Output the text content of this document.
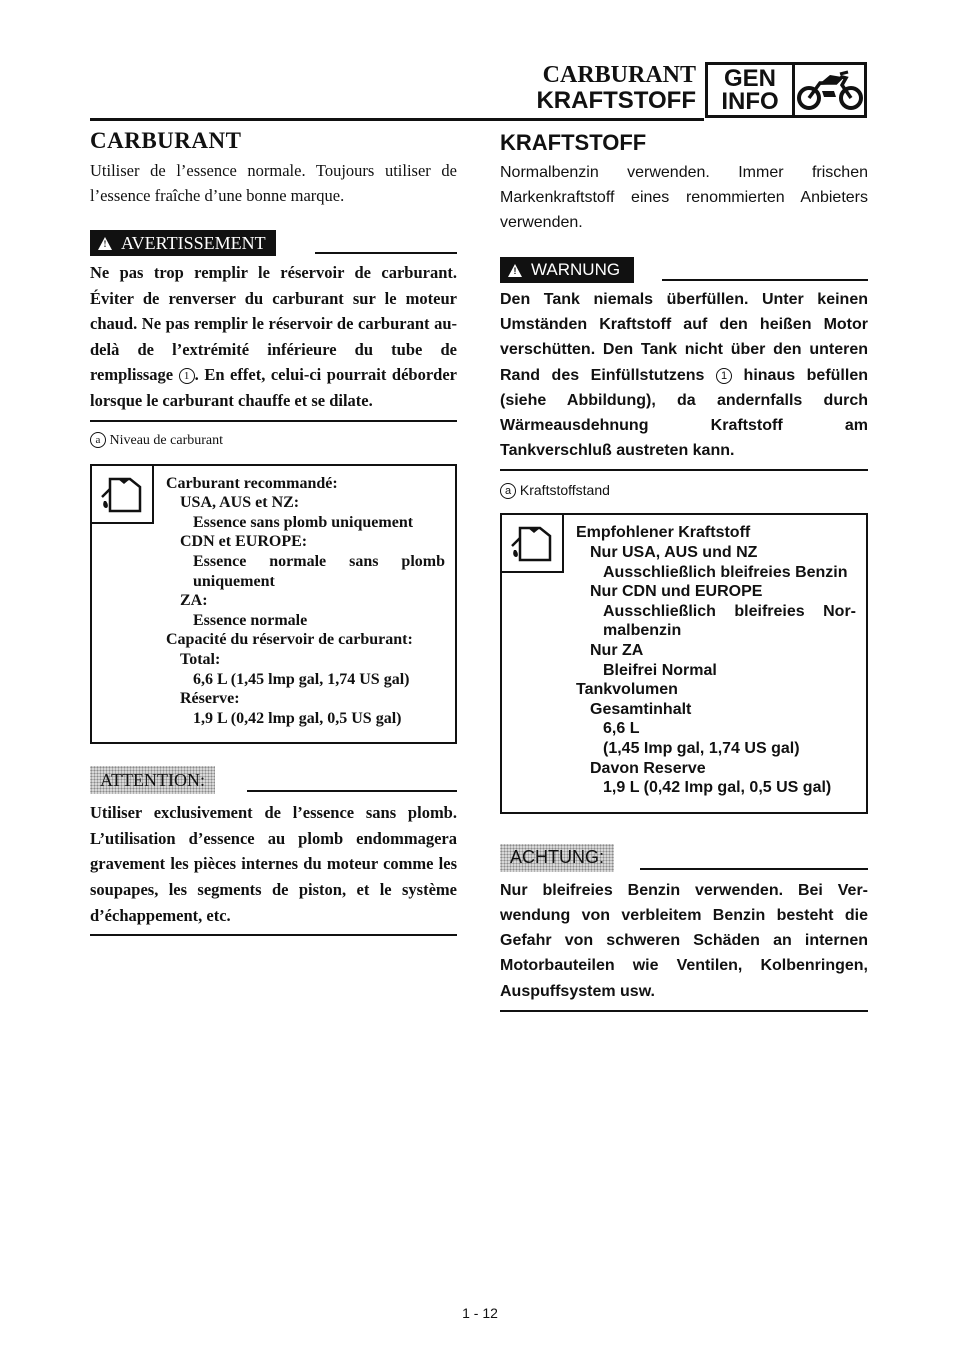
CARBURANT
KRAFTSTOFF
GEN
INFO
CARBURANT

Utiliser de l’essence normale. Toujours utiliser de l’essence fraîche d’une bonne marque.

! AVERTISSEMENT

Ne pas trop remplir le réservoir de carburant. Éviter de renverser du carburant sur le moteur chaud. Ne pas remplir le réservoir de carburant au-delà de l’extrémité inférieure du tube de remplissage 1 . En effet, celui-ci pourrait déborder lorsque le carburant chauffe et se dilate.

a Niveau de carburant

Carburant recommandé:
USA, AUS et NZ:
Essence sans plomb uniquement
CDN et EUROPE:
Essence normale sans plomb uniquement
ZA:
Essence normale
Capacité du réservoir de carburant:
Total:
6,6 L (1,45 lmp gal, 1,74 US gal)
Réserve:
1,9 L (0,42 lmp gal, 0,5 US gal)
ATTENTION:

Utiliser exclusivement de l’essence sans plomb. L’utilisation d’essence au plomb endommagera gravement les pièces internes du moteur comme les soupapes, les segments de piston, et le système d’échappement, etc.

KRAFTSTOFF

Normalbenzin verwenden. Immer frischen Markenkraftstoff eines renommierten Anbieters verwenden.

! WARNUNG

Den Tank niemals überfüllen. Unter keinen Umständen Kraftstoff auf den heißen Motor verschütten. Den Tank nicht über den unteren Rand des Einfüllstutzens 1 hinaus befüllen (siehe Abbildung), da andernfalls durch Wärmeausdehnung Kraftstoff am Tankverschluß austreten kann.

a Kraftstoffstand

Empfohlener Kraftstoff
Nur USA, AUS und NZ
Ausschließlich bleifreies Benzin
Nur CDN und EUROPE
Ausschließlich bleifreies Normalbenzin
Nur ZA
Bleifrei Normal
Tankvolumen
Gesamtinhalt
6,6 L
(1,45 Imp gal, 1,74 US gal)
Davon Reserve
1,9 L (0,42 Imp gal, 0,5 US gal)
ACHTUNG:

Nur bleifreies Benzin verwenden. Bei Verwendung von verbleitem Benzin besteht die Gefahr von schweren Schäden an internen Motorbauteilen wie Ventilen, Kolbenringen, Auspuffsystem usw.

1 - 12
